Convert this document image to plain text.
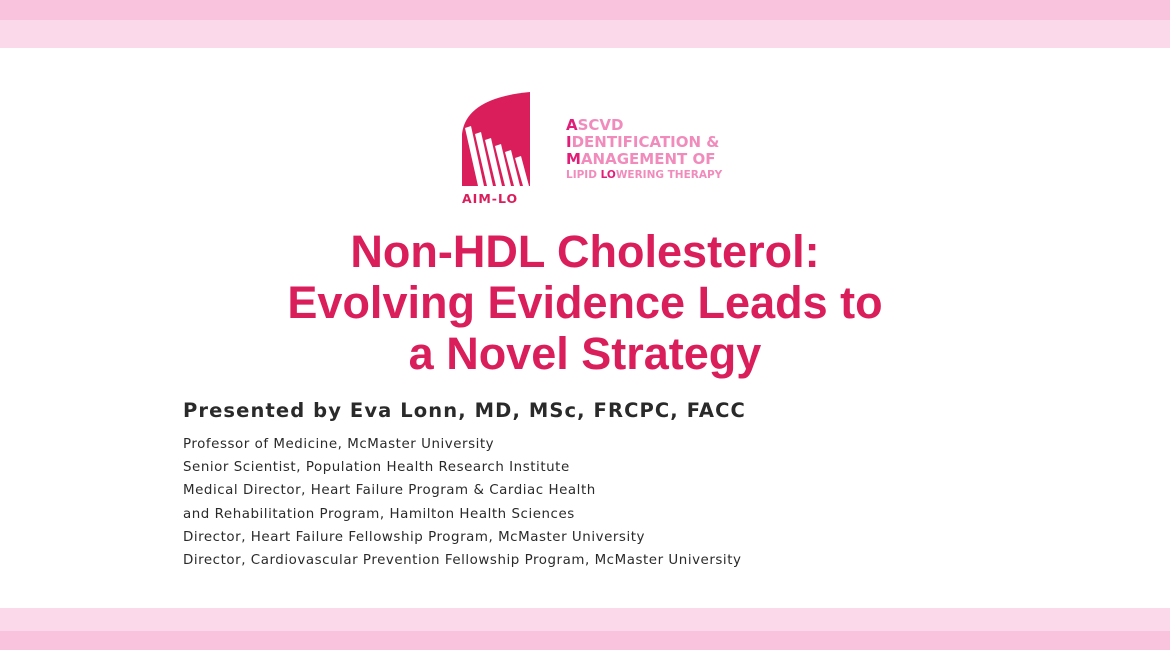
AIM-LO
ASCVD
IDENTIFICATION &
MANAGEMENT OF
LIPID LOWERING THERAPY
Non-HDL Cholesterol:
Evolving Evidence Leads to
a Novel Strategy
Presented by Eva Lonn, MD, MSc, FRCPC, FACC
Professor of Medicine, McMaster University
Senior Scientist, Population Health Research Institute
Medical Director, Heart Failure Program & Cardiac Health
and Rehabilitation Program, Hamilton Health Sciences
Director, Heart Failure Fellowship Program, McMaster University
Director, Cardiovascular Prevention Fellowship Program, McMaster University
